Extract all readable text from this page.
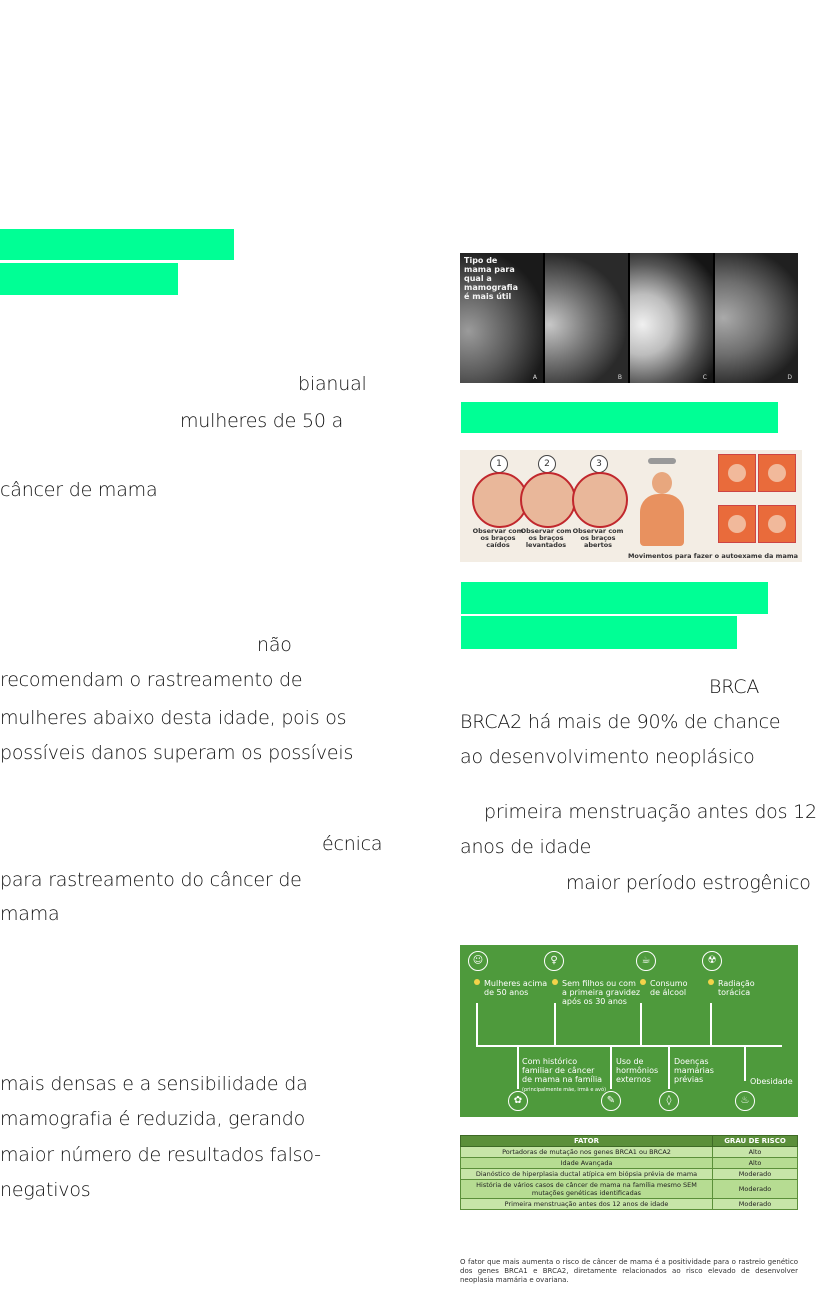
bianual
mulheres de 50 a
câncer de mama
não
recomendam o rastreamento de
mulheres abaixo desta idade, pois os
possíveis danos superam os possíveis
écnica
para rastreamento do câncer de
mama
mais densas e a sensibilidade da
mamografia é reduzida, gerando
maior número de resultados falso-
negativos
BRCA
BRCA2 há mais de 90% de chance
ao desenvolvimento neoplásico
primeira menstruação antes dos 12
anos de idade
maior período estrogênico
Tipo de mama para qual a mamografia é mais útil
A	B	C	D
1
Observar com os braços caídos
2
Observar com os braços levantados
3
Observar com os braços abertos
Movimentos para fazer o autoexame da mama
☺	♀	☕	☢
Mulheres acima de 50 anos
Sem filhos ou com a primeira gravidez após os 30 anos
Consumo de álcool
Radiação torácica
Com histórico familiar de câncer de mama na família
(principalmente mãe, irmã e avó)
Uso de hormônios externos
Doenças mamárias prévias	Obesidade
✿	✎	◊	♨
FATOR	GRAU DE RISCO
Portadoras de mutação nos genes BRCA1 ou BRCA2	Alto
Idade Avançada	Alto
Dianóstico de hiperplasia ductal atípica em biópsia prévia de mama	Moderado
História de vários casos de câncer de mama na família mesmo SEM mutações genéticas identificadas	Moderado
Primeira menstruação antes dos 12 anos de idade	Moderado
O fator que mais aumenta o risco de câncer de mama é a positividade para o rastreio genético dos genes BRCA1 e BRCA2, diretamente relacionados ao risco elevado de desenvolver neoplasia mamária e ovariana.
